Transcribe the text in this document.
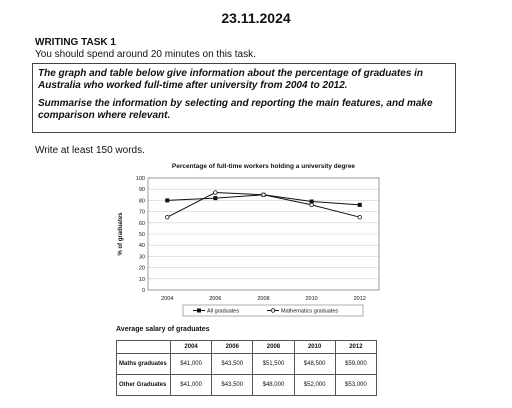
23.11.2024
WRITING TASK 1
You should spend around 20 minutes on this task.

The graph and table below give information about the percentage of graduates in Australia who worked full-time after university from 2004 to 2012.

Summarise the information by selecting and reporting the main features, and make comparison where relevant.

Write at least 150 words.
Percentage of full-time workers holding a university degree
0
10
20
30
40
50
60
70
80
90
100
% of graduates
2004	2006	2008	2010	2012
All graduates	Mathematics graduates
Average salary of graduates
	2004	2006	2008	2010	2012
Maths graduates	$41,000	$43,500	$51,500	$48,500	$59,000
Other Graduates	$41,000	$43,500	$48,000	$52,000	$53,000
